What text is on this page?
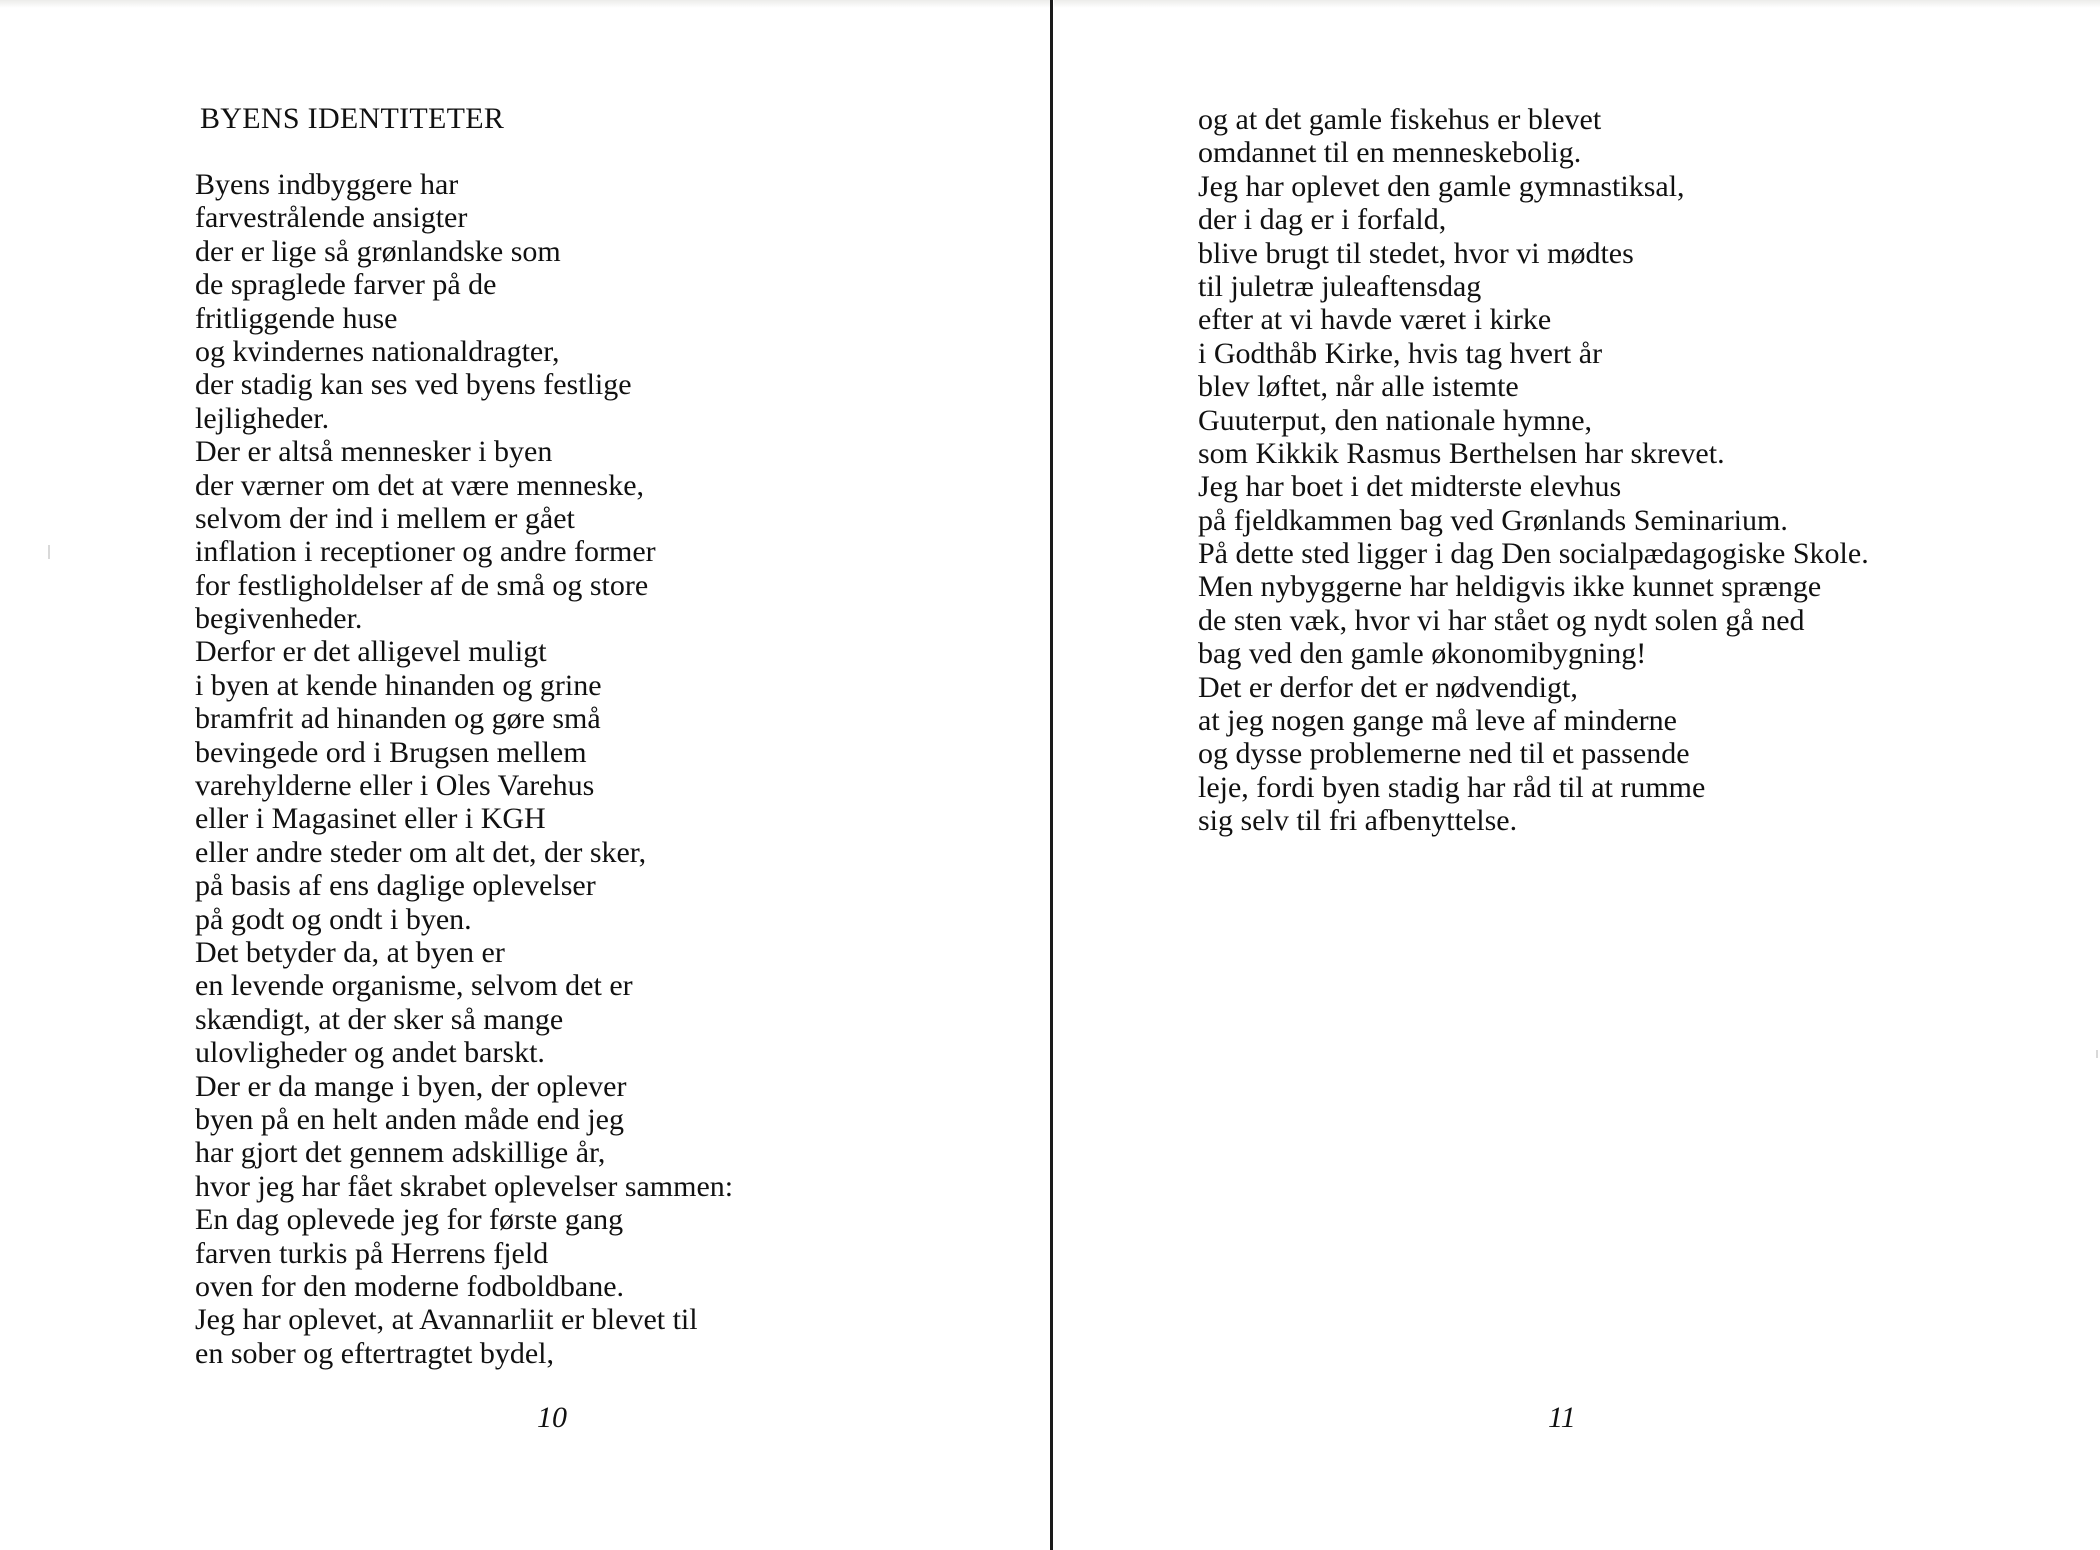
BYENS IDENTITETER
Byens indbyggere har
farvestrålende ansigter
der er lige så grønlandske som
de spraglede farver på de
fritliggende huse
og kvindernes nationaldragter,
der stadig kan ses ved byens festlige
lejligheder.
Der er altså mennesker i byen
der værner om det at være menneske,
selvom der ind i mellem er gået
inflation i receptioner og andre former
for festligholdelser af de små og store
begivenheder.
Derfor er det alligevel muligt
i byen at kende hinanden og grine
bramfrit ad hinanden og gøre små
bevingede ord i Brugsen mellem
varehylderne eller i Oles Varehus
eller i Magasinet eller i KGH
eller andre steder om alt det, der sker,
på basis af ens daglige oplevelser
på godt og ondt i byen.
Det betyder da, at byen er
en levende organisme, selvom det er
skændigt, at der sker så mange
ulovligheder og andet barskt.
Der er da mange i byen, der oplever
byen på en helt anden måde end jeg
har gjort det gennem adskillige år,
hvor jeg har fået skrabet oplevelser sammen:
En dag oplevede jeg for første gang
farven turkis på Herrens fjeld
oven for den moderne fodboldbane.
Jeg har oplevet, at Avannarliit er blevet til
en sober og eftertragtet bydel,
10
og at det gamle fiskehus er blevet
omdannet til en menneskebolig.
Jeg har oplevet den gamle gymnastiksal,
der i dag er i forfald,
blive brugt til stedet, hvor vi mødtes
til juletræ juleaftensdag
efter at vi havde været i kirke
i Godthåb Kirke, hvis tag hvert år
blev løftet, når alle istemte
Guuterput, den nationale hymne,
som Kikkik Rasmus Berthelsen har skrevet.
Jeg har boet i det midterste elevhus
på fjeldkammen bag ved Grønlands Seminarium.
På dette sted ligger i dag Den socialpædagogiske Skole.
Men nybyggerne har heldigvis ikke kunnet sprænge
de sten væk, hvor vi har stået og nydt solen gå ned
bag ved den gamle økonomibygning!
Det er derfor det er nødvendigt,
at jeg nogen gange må leve af minderne
og dysse problemerne ned til et passende
leje, fordi byen stadig har råd til at rumme
sig selv til fri afbenyttelse.
11
